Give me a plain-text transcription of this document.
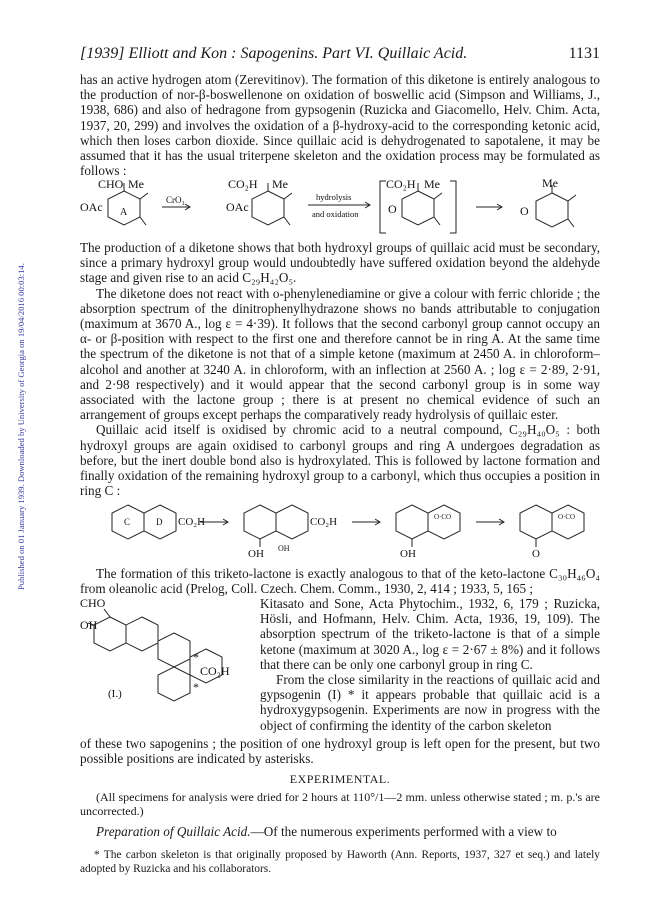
Published on 01 January 1939. Downloaded by University of Georgia on 19/04/2016 00:03:14.
[1939] Elliott and Kon : Sapogenins. Part VI. Quillaic Acid.	1131

has an active hydrogen atom (Zerevitinov). The formation of this diketone is entirely analogous to the production of nor-β-boswellenone on oxidation of boswellic acid (Simpson and Williams, J., 1938, 686) and also of hedragone from gypsogenin (Ruzicka and Giacomello, Helv. Chim. Acta, 1937, 20, 299) and involves the oxidation of a β-hydroxy-acid to the corresponding ketonic acid, which then loses carbon dioxide. Since quillaic acid is dehydrogenated to sapotalene, it may be assumed that it has the usual triterpene skeleton and the oxidation process may be formulated as follows :

CHO Me
OAc A
CrO₃
CO₂H Me
OAc
hydrolysis
and oxidation
CO₂H Me
O
Me
O

The production of a diketone shows that both hydroxyl groups of quillaic acid must be secondary, since a primary hydroxyl group would undoubtedly have suffered oxidation beyond the aldehyde stage and given rise to an acid C₂₉H₄₂O₅.

The diketone does not react with o-phenylenediamine or give a colour with ferric chloride ; the absorption spectrum of the dinitrophenylhydrazone shows no bands attributable to conjugation (maximum at 3670 A., log ε = 4·39). It follows that the second carbonyl group cannot occupy an α- or β-position with respect to the first one and therefore cannot be in ring A. At the same time the spectrum of the diketone is not that of a simple ketone (maximum at 2450 A. in chloroform–alcohol and another at 3240 A. in chloroform, with an inflection at 2560 A. ; log ε = 2·89, 2·91, and 2·98 respectively) and it would appear that the second carbonyl group is in some way associated with the lactone group ; there is at present no chemical evidence of such an arrangement of groups except perhaps the comparatively ready hydrolysis of quillaic ester.

Quillaic acid itself is oxidised by chromic acid to a neutral compound, C₂₉H₄₀O₅ : both hydroxyl groups are again oxidised to carbonyl groups and ring A undergoes degradation as before, but the inert double bond also is hydroxylated. This is followed by lactone formation and finally oxidation of the remaining hydroxyl group to a carbonyl, which thus occupies a position in ring C :

C	D CO₂H	CO₂H
OH OH
O·CO
OH
O·CO
O

The formation of this triketo-lactone is exactly analogous to that of the keto-lactone C₃₀H₄₆O₄ from oleanolic acid (Prelog, Coll. Czech. Chem. Comm., 1930, 2, 414 ; 1933, 5, 165 ;

CHO
OH
CO₂H
*
*
(I.)

Kitasato and Sone, Acta Phytochim., 1932, 6, 179 ; Ruzicka, Hösli, and Hofmann, Helv. Chim. Acta, 1936, 19, 109). The absorption spectrum of the triketo-lactone is that of a simple ketone (maximum at 3020 A., log ε = 2·67 ± 8%) and it follows that there can be only one carbonyl group in ring C.

From the close similarity in the reactions of quillaic acid and gypsogenin (I) * it appears probable that quillaic acid is a hydroxygypsogenin. Experiments are now in progress with the object of confirming the identity of the carbon skeleton

of these two sapogenins ; the position of one hydroxyl group is left open for the present, but two possible positions are indicated by asterisks.

EXPERIMENTAL.

(All specimens for analysis were dried for 2 hours at 110°/1—2 mm. unless otherwise stated ; m. p.'s are uncorrected.)

Preparation of Quillaic Acid.—Of the numerous experiments performed with a view to

* The carbon skeleton is that originally proposed by Haworth (Ann. Reports, 1937, 327 et seq.) and lately adopted by Ruzicka and his collaborators.
